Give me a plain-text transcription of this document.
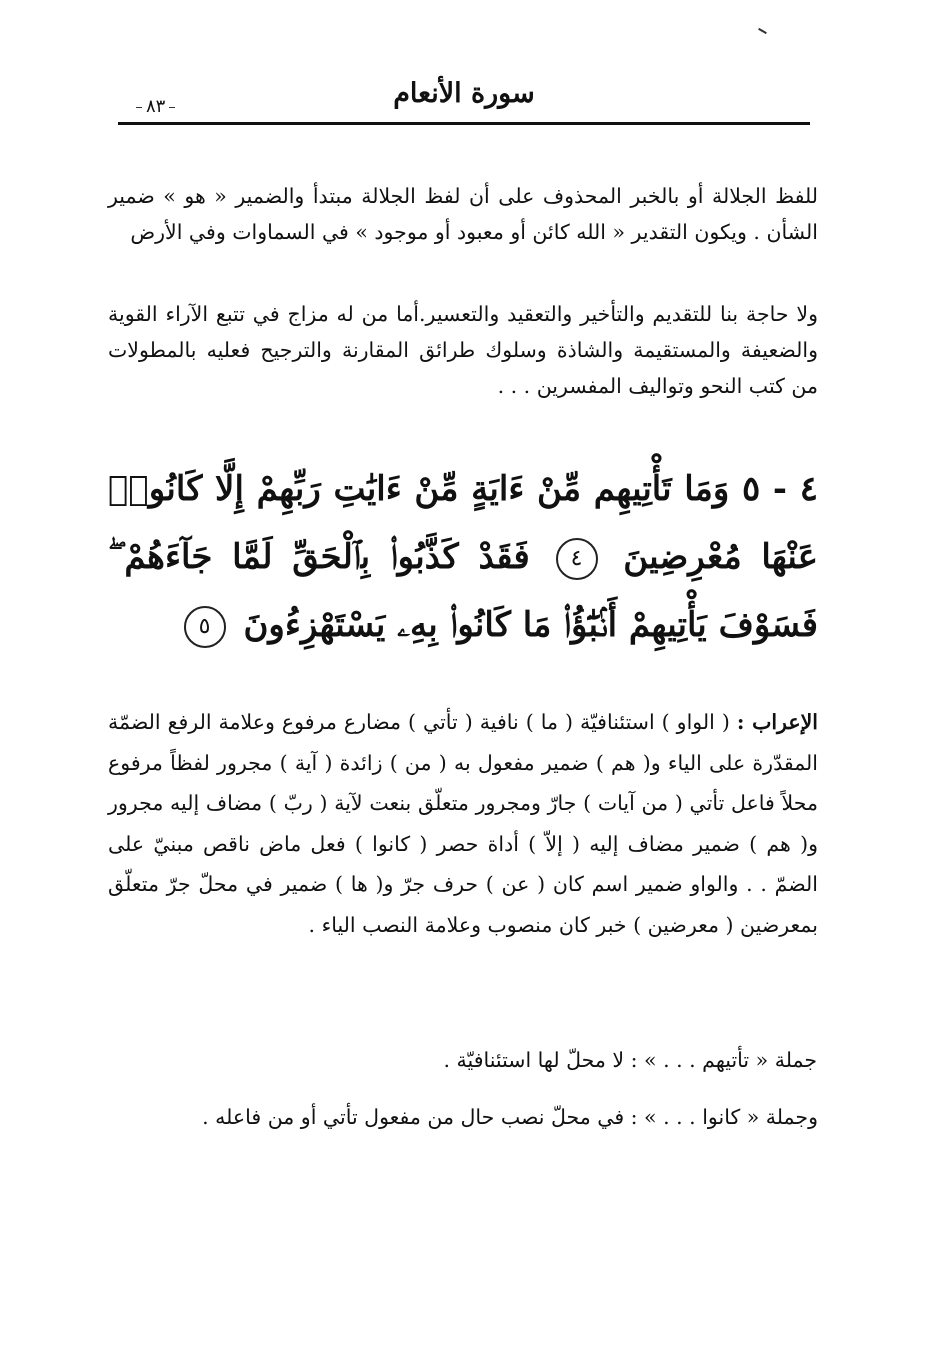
سورة الأنعام
٨٣

للفظ الجلالة أو بالخبر المحذوف على أن لفظ الجلالة مبتدأ والضمير « هو » ضمير الشأن . ويكون التقدير « الله كائن أو معبود أو موجود » في السماوات وفي الأرض

ولا حاجة بنا للتقديم والتأخير والتعقيد والتعسير.أما من له مزاج في تتبع الآراء القوية والضعيفة والمستقيمة والشاذة وسلوك طرائق المقارنة والترجيح فعليه بالمطولات من كتب النحو وتواليف المفسرين . . .

٤ - ٥ وَمَا تَأْتِيهِم مِّنْ ءَايَةٍ مِّنْ ءَايَٰتِ رَبِّهِمْ إِلَّا كَانُوا۟ عَنْهَا مُعْرِضِينَ ٤ فَقَدْ كَذَّبُوا۟ بِٱلْحَقِّ لَمَّا جَآءَهُمْ ۖ فَسَوْفَ يَأْتِيهِمْ أَنۢبَٰٓؤُا۟ مَا كَانُوا۟ بِهِۦ يَسْتَهْزِءُونَ ٥
الإعراب : ( الواو ) استئنافيّة ( ما ) نافية ( تأتي ) مضارع مرفوع وعلامة الرفع الضمّة المقدّرة على الياء و( هم ) ضمير مفعول به ( من ) زائدة ( آية ) مجرور لفظاً مرفوع محلاً فاعل تأتي ( من آيات ) جارّ ومجرور متعلّق بنعت لآية ( ربّ ) مضاف إليه مجرور و( هم ) ضمير مضاف إليه ( إلاّ ) أداة حصر ( كانوا ) فعل ماض ناقص مبنيّ على الضمّ . . والواو ضمير اسم كان ( عن ) حرف جرّ و( ها ) ضمير في محلّ جرّ متعلّق بمعرضين ( معرضين ) خبر كان منصوب وعلامة النصب الياء .
جملة « تأتيهم . . . » : لا محلّ لها استئنافيّة .
وجملة « كانوا . . . » : في محلّ نصب حال من مفعول تأتي أو من فاعله .
